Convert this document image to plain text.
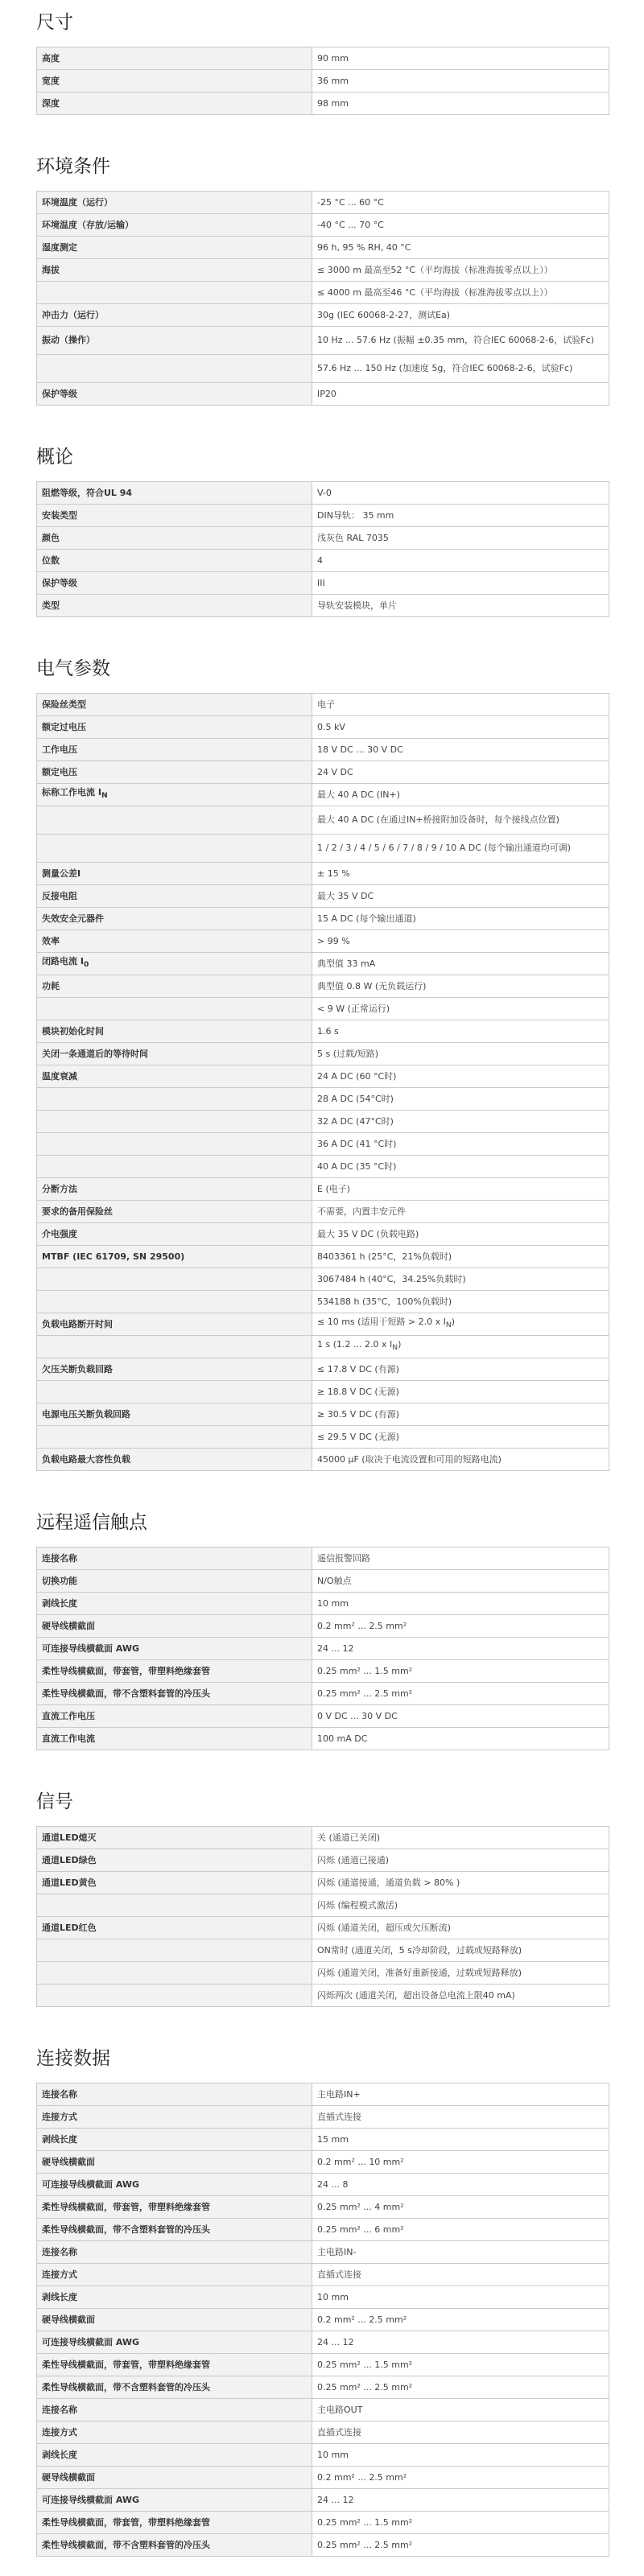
尺寸
高度	90 mm
宽度	36 mm
深度	98 mm
环境条件
环境温度（运行）	-25 °C ... 60 °C
环境温度（存放/运输）	-40 °C ... 70 °C
湿度测定	96 h, 95 % RH, 40 °C
海拔	≤ 3000 m 最高至52 °C（平均海拔（标准海拔零点以上））
	≤ 4000 m 最高至46 °C（平均海拔（标准海拔零点以上））
冲击力（运行）	30g (IEC 60068-2-27，测试Ea)
振动（操作）	10 Hz ... 57.6 Hz (振幅 ±0.35 mm，符合IEC 60068-2-6，试验Fc)
	57.6 Hz ... 150 Hz (加速度 5g，符合IEC 60068-2-6，试验Fc)
保护等级	IP20
概论
阻燃等级，符合UL 94	V-0
安装类型	DIN导轨： 35 mm
颜色	浅灰色 RAL 7035
位数	4
保护等级	III
类型	导轨安装模块，单片
电气参数
保险丝类型	电子
额定过电压	0.5 kV
工作电压	18 V DC ... 30 V DC
额定电压	24 V DC
标称工作电流 $I_N$	最大 40 A DC (IN+)
	最大 40 A DC (在通过IN+桥接附加设备时，每个接线点位置)
	1 / 2 / 3 / 4 / 5 / 6 / 7 / 8 / 9 / 10 A DC (每个输出通道均可调)
测量公差I	± 15 %
反接电阻	最大 35 V DC
失效安全元器件	15 A DC (每个输出通道)
效率	> 99 %
闭路电流 $I_0$	典型值 33 mA
功耗	典型值 0.8 W (无负载运行)
	< 9 W (正常运行)
模块初始化时间	1.6 s
关闭一条通道后的等待时间	5 s (过载/短路)
温度衰减	24 A DC (60 °C时)
	28 A DC (54°C时)
	32 A DC (47°C时)
	36 A DC (41 °C时)
	40 A DC (35 °C时)
分断方法	E (电子)
要求的备用保险丝	不需要，内置丰安元件
介电强度	最大 35 V DC (负载电路)
MTBF (IEC 61709, SN 29500)	8403361 h (25°C，21%负载时)
	3067484 h (40°C，34.25%负载时)
	534188 h (35°C，100%负载时)
负载电路断开时间	≤ 10 ms (适用于短路 > 2.0 x $I_N$)
	1 s (1.2 ... 2.0 x $I_N$)
欠压关断负载回路	≤ 17.8 V DC (有源)
	≥ 18.8 V DC (无源)
电源电压关断负载回路	≥ 30.5 V DC (有源)
	≤ 29.5 V DC (无源)
负载电路最大容性负载	45000 μF (取决于电流设置和可用的短路电流)
远程遥信触点
连接名称	遥信报警回路
切换功能	N/O触点
剥线长度	10 mm
硬导线横截面	0.2 mm² ... 2.5 mm²
可连接导线横截面 AWG	24 ... 12
柔性导线横截面，带套管，带塑料绝缘套管	0.25 mm² ... 1.5 mm²
柔性导线横截面，带不含塑料套管的冷压头	0.25 mm² ... 2.5 mm²
直流工作电压	0 V DC ... 30 V DC
直流工作电流	100 mA DC
信号
通道LED熄灭	关 (通道已关闭)
通道LED绿色	闪烁 (通道已接通)
通道LED黄色	闪烁 (通道接通，通道负载 > 80% )
	闪烁 (编程模式激活)
通道LED红色	闪烁 (通道关闭，超压或欠压断流)
	ON常时 (通道关闭，5 s冷却阶段，过载或短路释放)
	闪烁 (通道关闭，准备好重新接通，过载或短路释放)
	闪烁两次 (通道关闭，超出设备总电流上限40 mA)
连接数据
连接名称	主电路IN+
连接方式	直插式连接
剥线长度	15 mm
硬导线横截面	0.2 mm² ... 10 mm²
可连接导线横截面 AWG	24 ... 8
柔性导线横截面，带套管，带塑料绝缘套管	0.25 mm² ... 4 mm²
柔性导线横截面，带不含塑料套管的冷压头	0.25 mm² ... 6 mm²
连接名称	主电路IN-
连接方式	直插式连接
剥线长度	10 mm
硬导线横截面	0.2 mm² ... 2.5 mm²
可连接导线横截面 AWG	24 ... 12
柔性导线横截面，带套管，带塑料绝缘套管	0.25 mm² ... 1.5 mm²
柔性导线横截面，带不含塑料套管的冷压头	0.25 mm² ... 2.5 mm²
连接名称	主电路OUT
连接方式	直插式连接
剥线长度	10 mm
硬导线横截面	0.2 mm² ... 2.5 mm²
可连接导线横截面 AWG	24 ... 12
柔性导线横截面，带套管，带塑料绝缘套管	0.25 mm² ... 1.5 mm²
柔性导线横截面，带不含塑料套管的冷压头	0.25 mm² ... 2.5 mm²
